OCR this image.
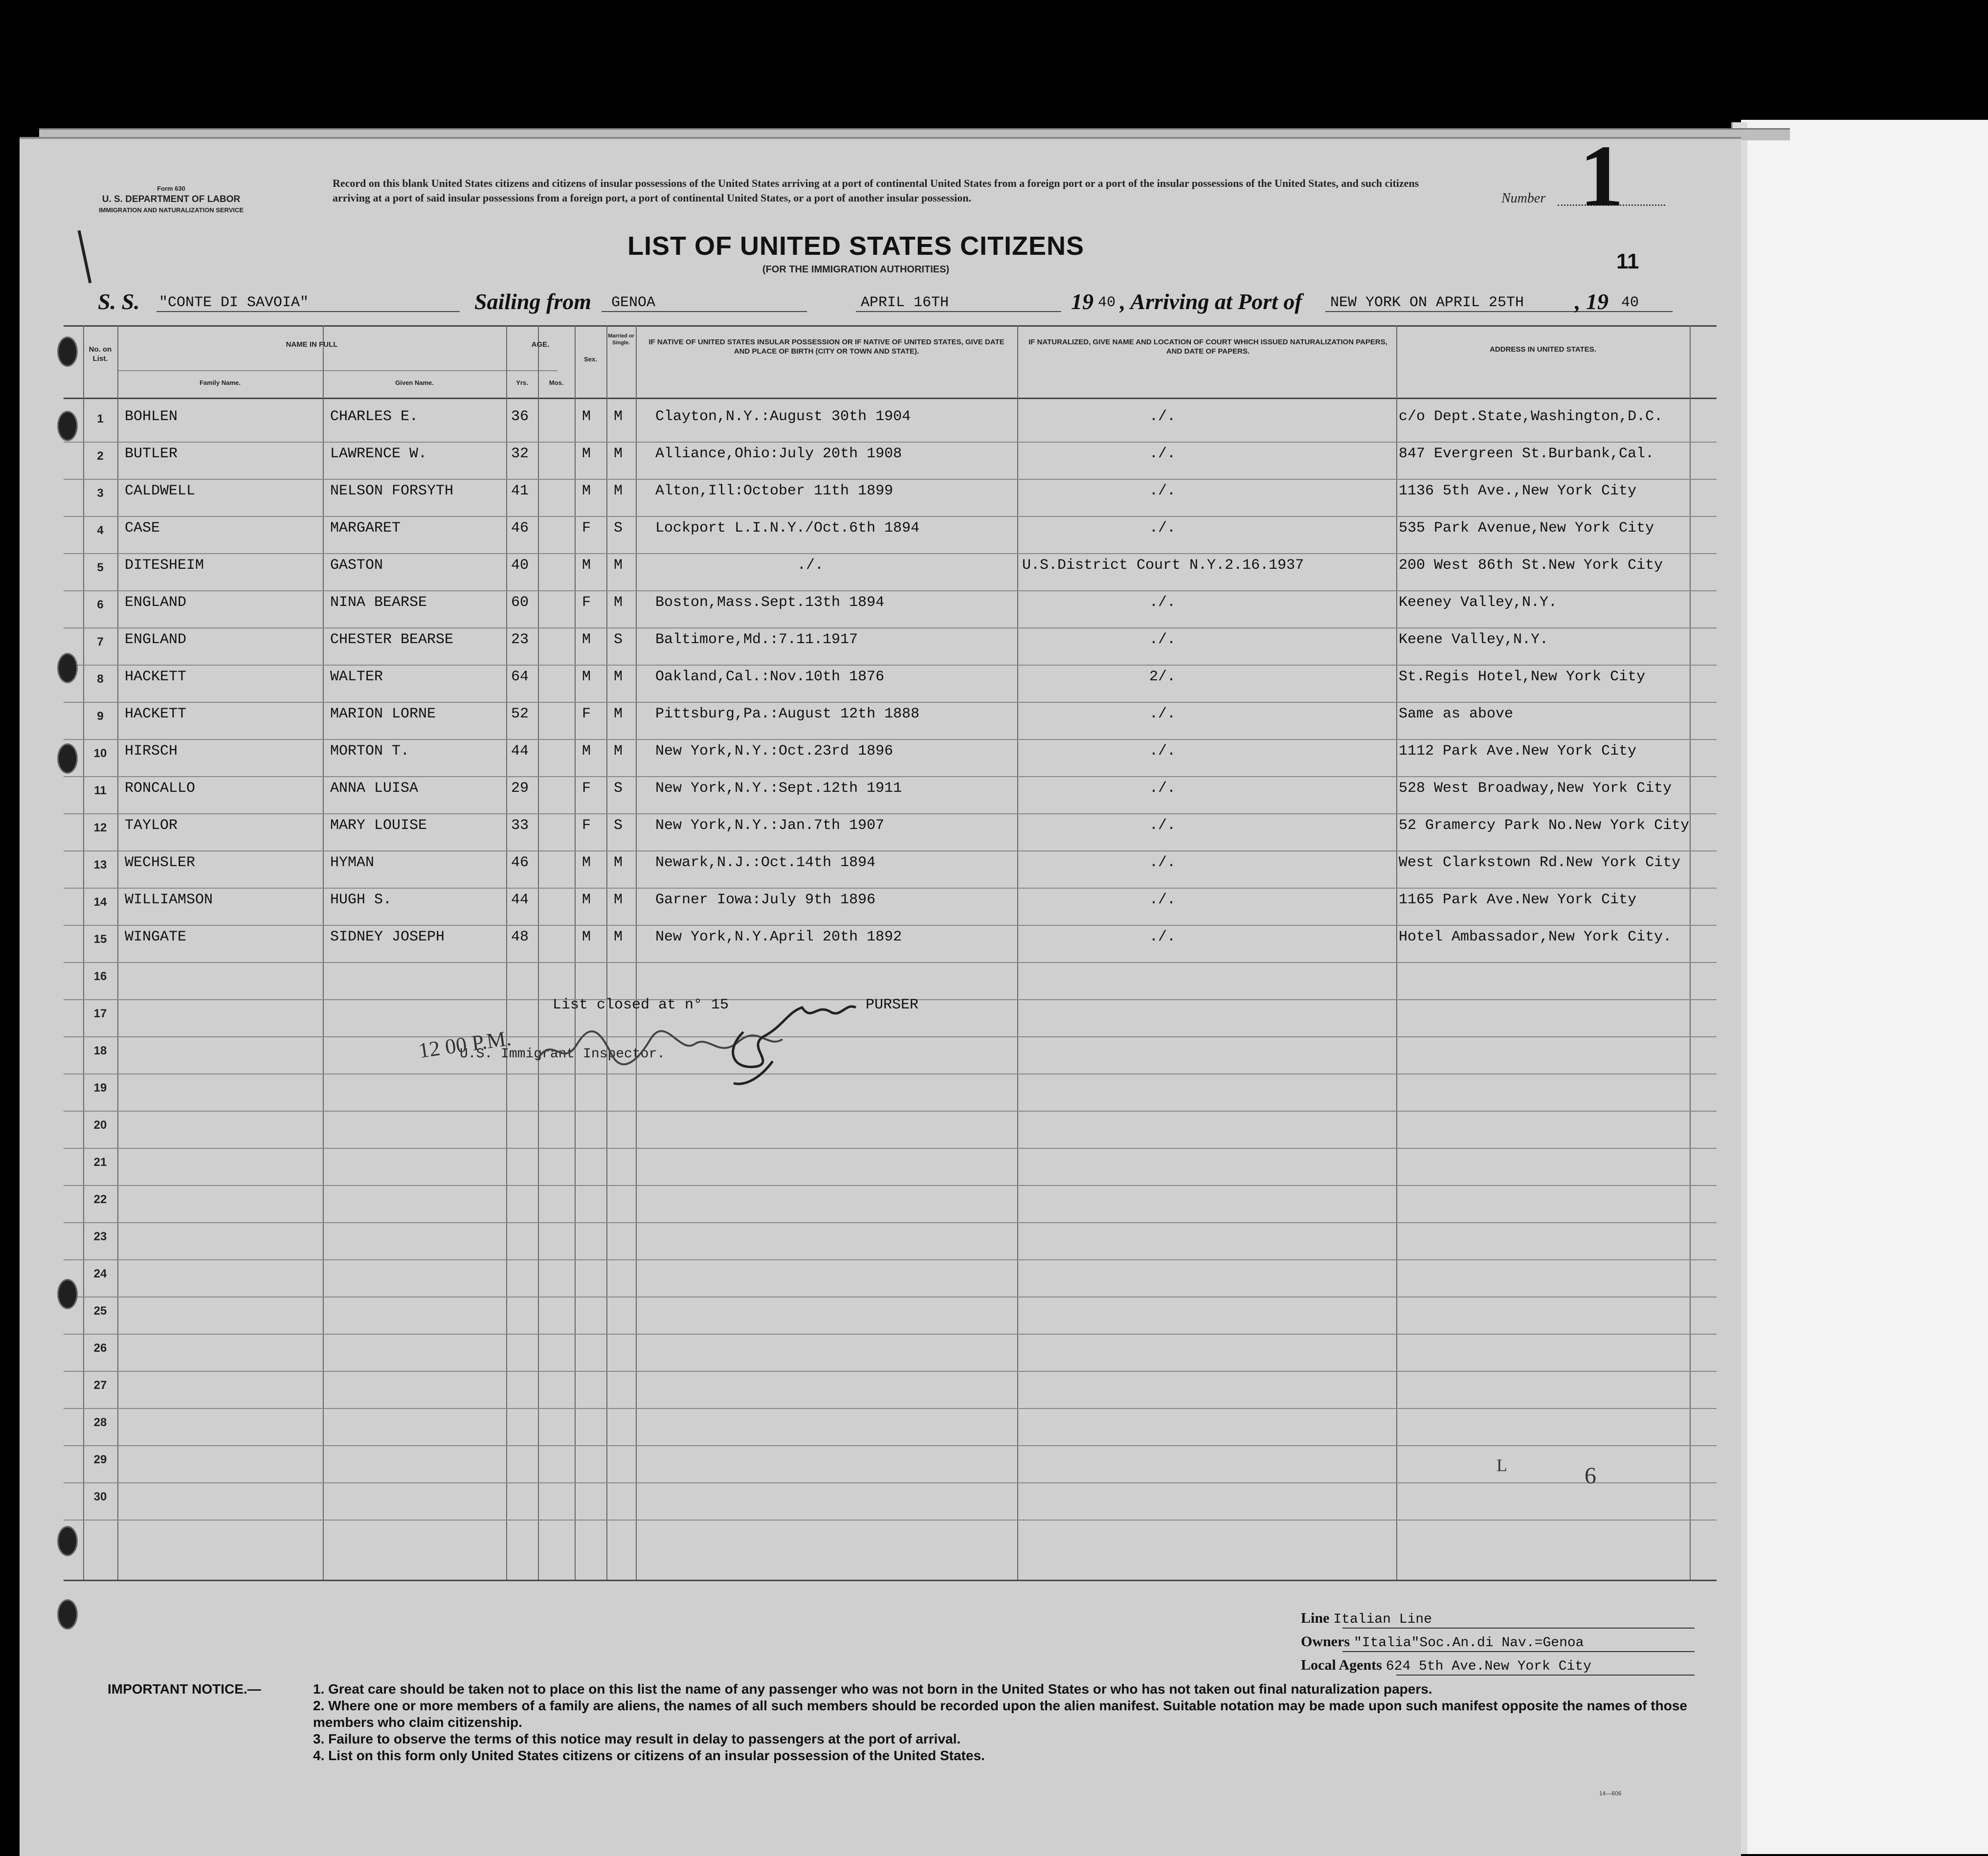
Form 630
U. S. DEPARTMENT OF LABOR
IMMIGRATION AND NATURALIZATION SERVICE
Record on this blank United States citizens and citizens of insular possessions of the United States arriving at a port of continental United States from a foreign port or a port of the insular possessions of the United States, and such citizens arriving at a port of said insular possessions from a foreign port, a port of continental United States, or a port of another insular possession.	Number 1
11
LIST OF UNITED STATES CITIZENS
(FOR THE IMMIGRATION AUTHORITIES)
S. S. "CONTE DI SAVOIA"	Sailing from GENOA	APRIL 16TH	19 40 , Arriving at Port of NEW YORK ON APRIL 25TH , 19 40
No. on List.
NAME IN FULL
Family Name.	Given Name.
AGE.
Yrs.	Mos.
Sex.
Married or Single.	IF NATIVE OF UNITED STATES INSULAR POSSESSION OR IF NATIVE OF UNITED STATES, GIVE DATE AND PLACE OF BIRTH (CITY OR TOWN AND STATE).
IF NATURALIZED, GIVE NAME AND LOCATION OF COURT WHICH ISSUED NATURALIZATION PAPERS, AND DATE OF PAPERS.	ADDRESS IN UNITED STATES.
1	BOHLEN	CHARLES E.	36	M M Clayton,N.Y.:August 30th 1904	./.	c/o Dept.State,Washington,D.C.
2	BUTLER	LAWRENCE W.	32	M M Alliance,Ohio:July 20th 1908	./.	847 Evergreen St.Burbank,Cal.
3	CALDWELL	NELSON FORSYTH	41	M M Alton,Ill:October 11th 1899	./.	1136 5th Ave.,New York City
4	CASE	MARGARET	46	F S Lockport L.I.N.Y./Oct.6th 1894	./.	535 Park Avenue,New York City
5	DITESHEIM	GASTON	40	M M	./.	U.S.District Court N.Y.2.16.1937	200 West 86th St.New York City
6	ENGLAND	NINA BEARSE	60	F M Boston,Mass.Sept.13th 1894	./.	Keeney Valley,N.Y.
7	ENGLAND	CHESTER BEARSE	23	M S Baltimore,Md.:7.11.1917	./.	Keene Valley,N.Y.
8	HACKETT	WALTER	64	M M Oakland,Cal.:Nov.10th 1876	2/.	St.Regis Hotel,New York City
9	HACKETT	MARION LORNE	52	F M Pittsburg,Pa.:August 12th 1888	./.	Same as above
10	HIRSCH	MORTON T.	44	M M New York,N.Y.:Oct.23rd 1896	./.	1112 Park Ave.New York City
11	RONCALLO	ANNA LUISA	29	F S New York,N.Y.:Sept.12th 1911	./.	528 West Broadway,New York City
12	TAYLOR	MARY LOUISE	33	F S New York,N.Y.:Jan.7th 1907	./.	52 Gramercy Park No.New York City
13	WECHSLER	HYMAN	46	M M Newark,N.J.:Oct.14th 1894	./.	West Clarkstown Rd.New York City
14	WILLIAMSON	HUGH S.	44	M M Garner Iowa:July 9th 1896	./.	1165 Park Ave.New York City
15	WINGATE	SIDNEY JOSEPH	48	M M New York,N.Y.April 20th 1892	./.	Hotel Ambassador,New York City.
16
17
18
19
20
21
22
23
24
25
26
27
28
29
30
List closed at n° 15	PURSER
U.S. Immigrant Inspector.
12 00 P.M.
6
L
Line Italian Line
Owners "Italia"Soc.An.di Nav.=Genoa
Local Agents 624 5th Ave.New York City
IMPORTANT NOTICE.—	1. Great care should be taken not to place on this list the name of any passenger who was not born in the United States or who has not taken out final naturalization papers.
2. Where one or more members of a family are aliens, the names of all such members should be recorded upon the alien manifest. Suitable notation may be made upon such manifest opposite the names of those members who claim citizenship.
3. Failure to observe the terms of this notice may result in delay to passengers at the port of arrival.
4. List on this form only United States citizens or citizens of an insular possession of the United States.
14—606
